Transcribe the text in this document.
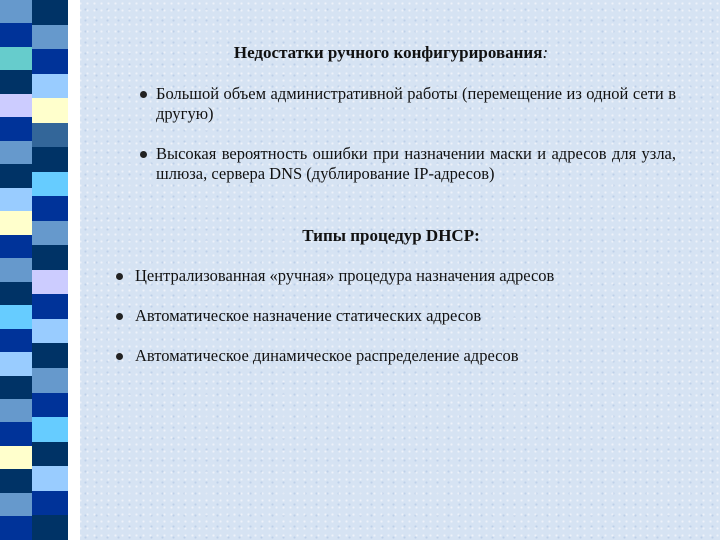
Недостатки ручного конфигурирования:
Большой объем административной работы (перемещение из одной сети в другую)
Высокая вероятность ошибки при назначении маски и адресов для узла, шлюза, сервера DNS (дублирование IP-адресов)
Типы процедур DHCP:
Централизованная «ручная» процедура назначения адресов
Автоматическое назначение статических адресов
Автоматическое динамическое распределение адресов
